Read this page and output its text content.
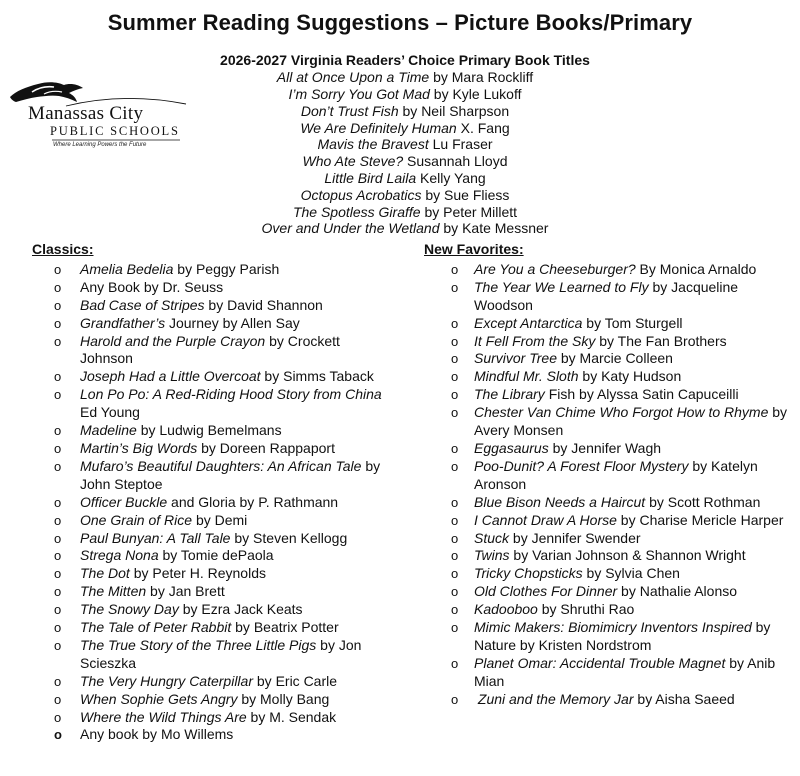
Summer Reading Suggestions – Picture Books/Primary
Manassas City
PUBLIC SCHOOLS
Where Learning Powers the Future
2026-2027 Virginia Readers’ Choice Primary Book Titles
All at Once Upon a Time by Mara Rockliff
I’m Sorry You Got Mad by Kyle Lukoff
Don’t Trust Fish by Neil Sharpson
We Are Definitely Human X. Fang
Mavis the Bravest Lu Fraser
Who Ate Steve? Susannah Lloyd
Little Bird Laila Kelly Yang
Octopus Acrobatics by Sue Fliess
The Spotless Giraffe by Peter Millett
Over and Under the Wetland by Kate Messner
Classics:
o Amelia Bedelia by Peggy Parish
o Any Book by Dr. Seuss
o Bad Case of Stripes by David Shannon
o Grandfather’s Journey by Allen Say
o Harold and the Purple Crayon by Crockett Johnson
o Joseph Had a Little Overcoat by Simms Taback
o Lon Po Po: A Red-Riding Hood Story from China Ed Young
o Madeline by Ludwig Bemelmans
o Martin’s Big Words by Doreen Rappaport
o Mufaro’s Beautiful Daughters: An African Tale by John Steptoe
o Officer Buckle and Gloria by P. Rathmann
o One Grain of Rice by Demi
o Paul Bunyan: A Tall Tale by Steven Kellogg
o Strega Nona by Tomie dePaola
o The Dot by Peter H. Reynolds
o The Mitten by Jan Brett
o The Snowy Day by Ezra Jack Keats
o The Tale of Peter Rabbit by Beatrix Potter
o The True Story of the Three Little Pigs by Jon Scieszka
o The Very Hungry Caterpillar by Eric Carle
o When Sophie Gets Angry by Molly Bang
o Where the Wild Things Are by M. Sendak
o Any book by Mo Willems
New Favorites:
o Are You a Cheeseburger? By Monica Arnaldo
o The Year We Learned to Fly by Jacqueline Woodson
o Except Antarctica by Tom Sturgell
o It Fell From the Sky by The Fan Brothers
o Survivor Tree by Marcie Colleen
o Mindful Mr. Sloth by Katy Hudson
o The Library Fish by Alyssa Satin Capuceilli
o Chester Van Chime Who Forgot How to Rhyme by Avery Monsen
o Eggasaurus by Jennifer Wagh
o Poo-Dunit? A Forest Floor Mystery by Katelyn Aronson
o Blue Bison Needs a Haircut by Scott Rothman
o I Cannot Draw A Horse by Charise Mericle Harper
o Stuck by Jennifer Swender
o Twins by Varian Johnson & Shannon Wright
o Tricky Chopsticks by Sylvia Chen
o Old Clothes For Dinner by Nathalie Alonso
o Kadooboo by Shruthi Rao
o Mimic Makers: Biomimicry Inventors Inspired by Nature by Kristen Nordstrom
o Planet Omar: Accidental Trouble Magnet by Anib Mian
o  Zuni and the Memory Jar by Aisha Saeed
